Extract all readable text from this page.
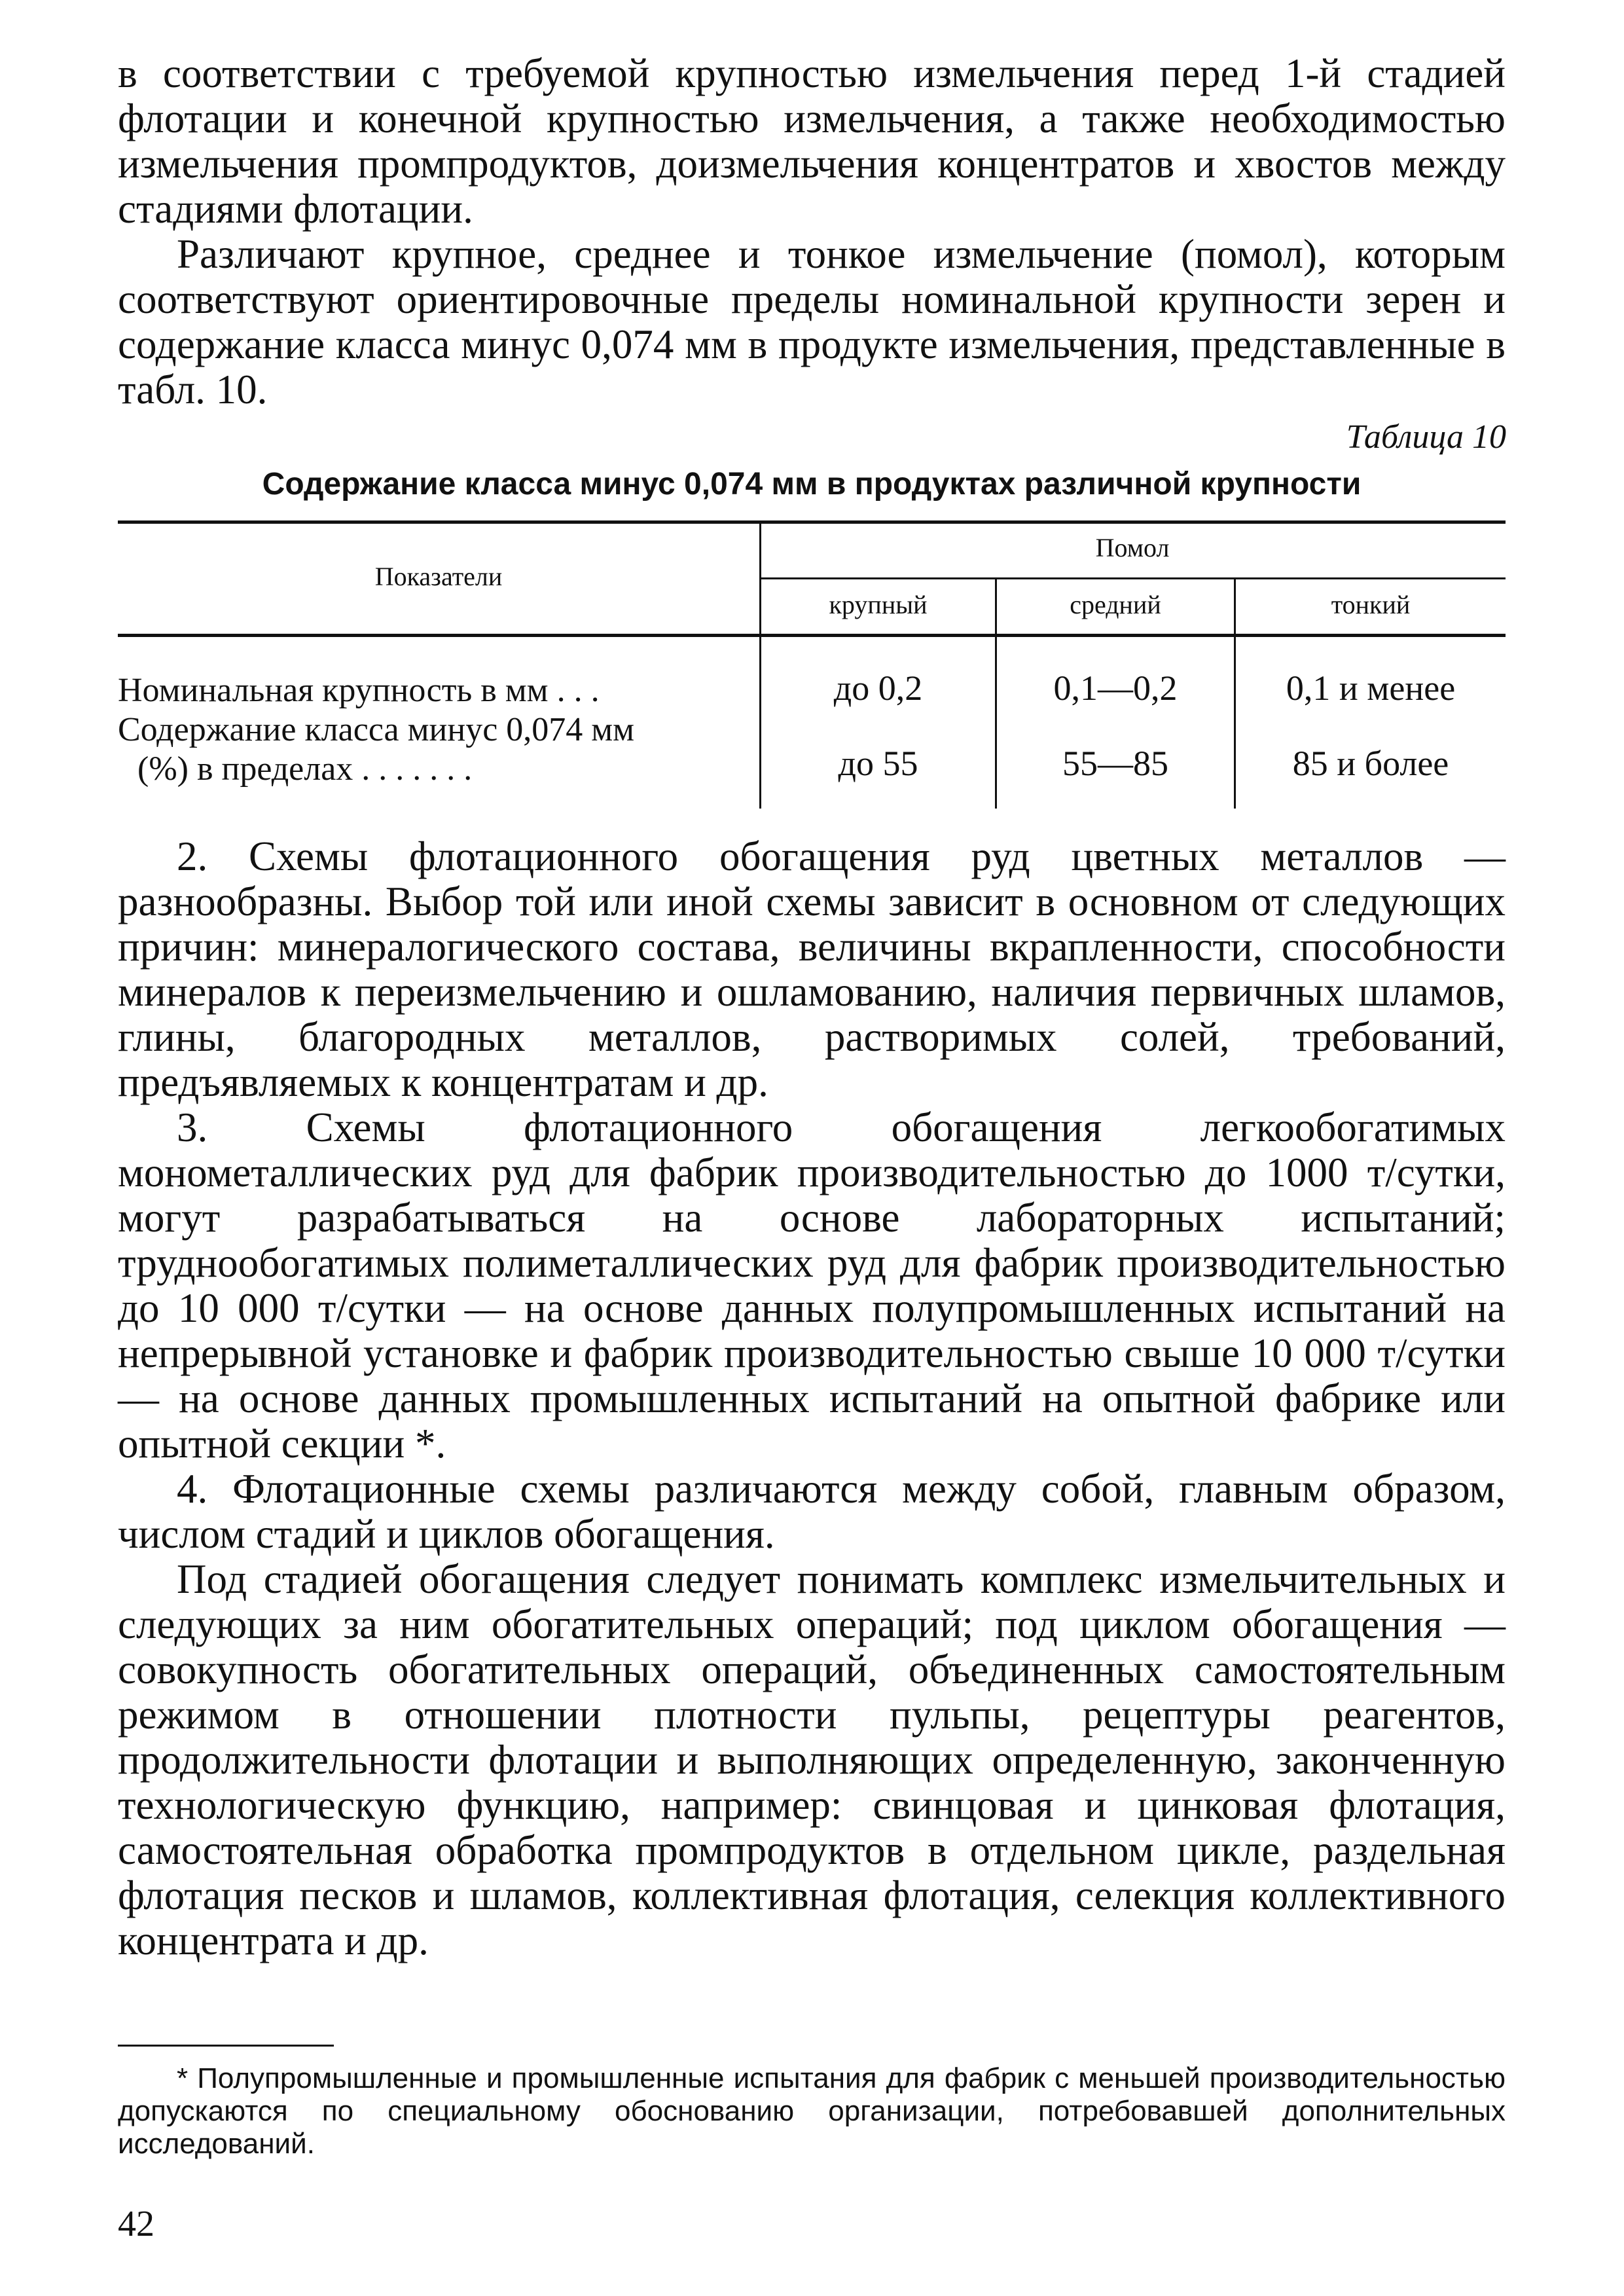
в соответствии с требуемой крупностью измельчения перед 1-й стадией флотации и конечной крупностью измельчения, а также необходимостью измельчения промпродуктов, доизмельчения концентратов и хвостов между стадиями флотации.

Различают крупное, среднее и тонкое измельчение (помол), которым соответствуют ориентировочные пределы номинальной крупности зерен и содержание класса минус 0,074 мм в продукте измельчения, представленные в табл. 10.

Таблица 10
Содержание класса минус 0,074 мм в продуктах различной крупности
Показатели
Помол
крупный	средний	тонкий
Номинальная крупность в мм . . .	до 0,2	0,1—0,2	0,1 и менее
Содержание класса минус 0,074 мм
(%) в пределах . . . . . . .	до 55	55—85	85 и более

2. Схемы флотационного обогащения руд цветных металлов — разнообразны. Выбор той или иной схемы зависит в основном от следующих причин: минералогического состава, величины вкрапленности, способности минералов к переизмельчению и ошламованию, наличия первичных шламов, глины, благородных металлов, растворимых солей, требований, предъявляемых к концентратам и др.

3. Схемы флотационного обогащения легкообогатимых монометаллических руд для фабрик производительностью до 1000 т/сутки, могут разрабатываться на основе лабораторных испытаний; труднообогатимых полиметаллических руд для фабрик производительностью до 10 000 т/сутки — на основе данных полупромышленных испытаний на непрерывной установке и фабрик производительностью свыше 10 000 т/сутки — на основе данных промышленных испытаний на опытной фабрике или опытной секции *.

4. Флотационные схемы различаются между собой, главным образом, числом стадий и циклов обогащения.

Под стадией обогащения следует понимать комплекс измельчительных и следующих за ним обогатительных операций; под циклом обогащения — совокупность обогатительных операций, объединенных самостоятельным режимом в отношении плотности пульпы, рецептуры реагентов, продолжительности флотации и выполняющих определенную, законченную технологическую функцию, например: свинцовая и цинковая флотация, самостоятельная обработка промпродуктов в отдельном цикле, раздельная флотация песков и шламов, коллективная флотация, селекция коллективного концентрата и др.

* Полупромышленные и промышленные испытания для фабрик с меньшей производительностью допускаются по специальному обоснованию организации, потребовавшей дополнительных исследований.
42
